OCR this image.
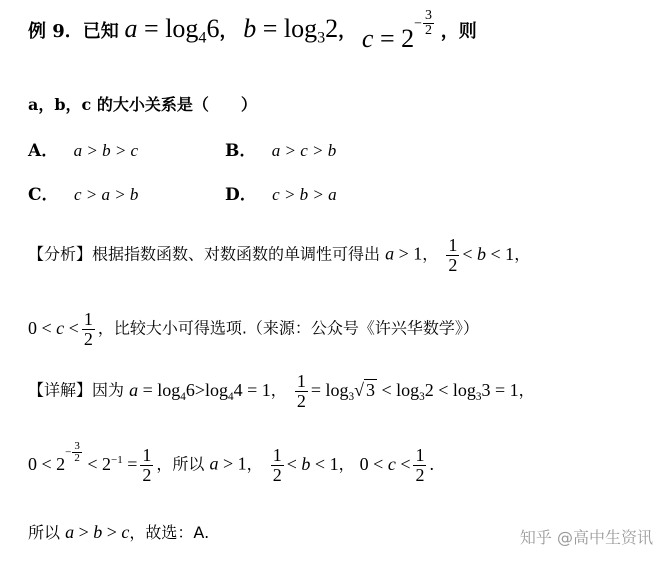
例 9．已知 $a = \log_46$， $b = \log_32$， $c = 2- \frac{3}{2}$ ，则
a，b，c 的大小关系是（　　）
A． a > b > c	B． a > c > b
C． c > a > b	D． c > b > a
【分析】根据指数函数、对数函数的单调性可得出 a > 1， $\frac{1}{2} < b < 1$，
$0 < c < \frac{1}{2}$ ，比较大小可得选项.（来源：公众号《许兴华数学》）
【详解】因为 $a = \log_46>\log_44 = 1$， $\frac{1}{2} = \log_3√$ $3 < \log_32 < \log_33 = 1$，
$0 < 2- \frac{3}{2} < 2^{-1} = \frac{1}{2}$ ，所以 a > 1， $\frac{1}{2} < b < 1$， $0 < c < \frac{1}{2}$ .
所以 a > b > c，故选：A.	知乎 @高中生资讯
